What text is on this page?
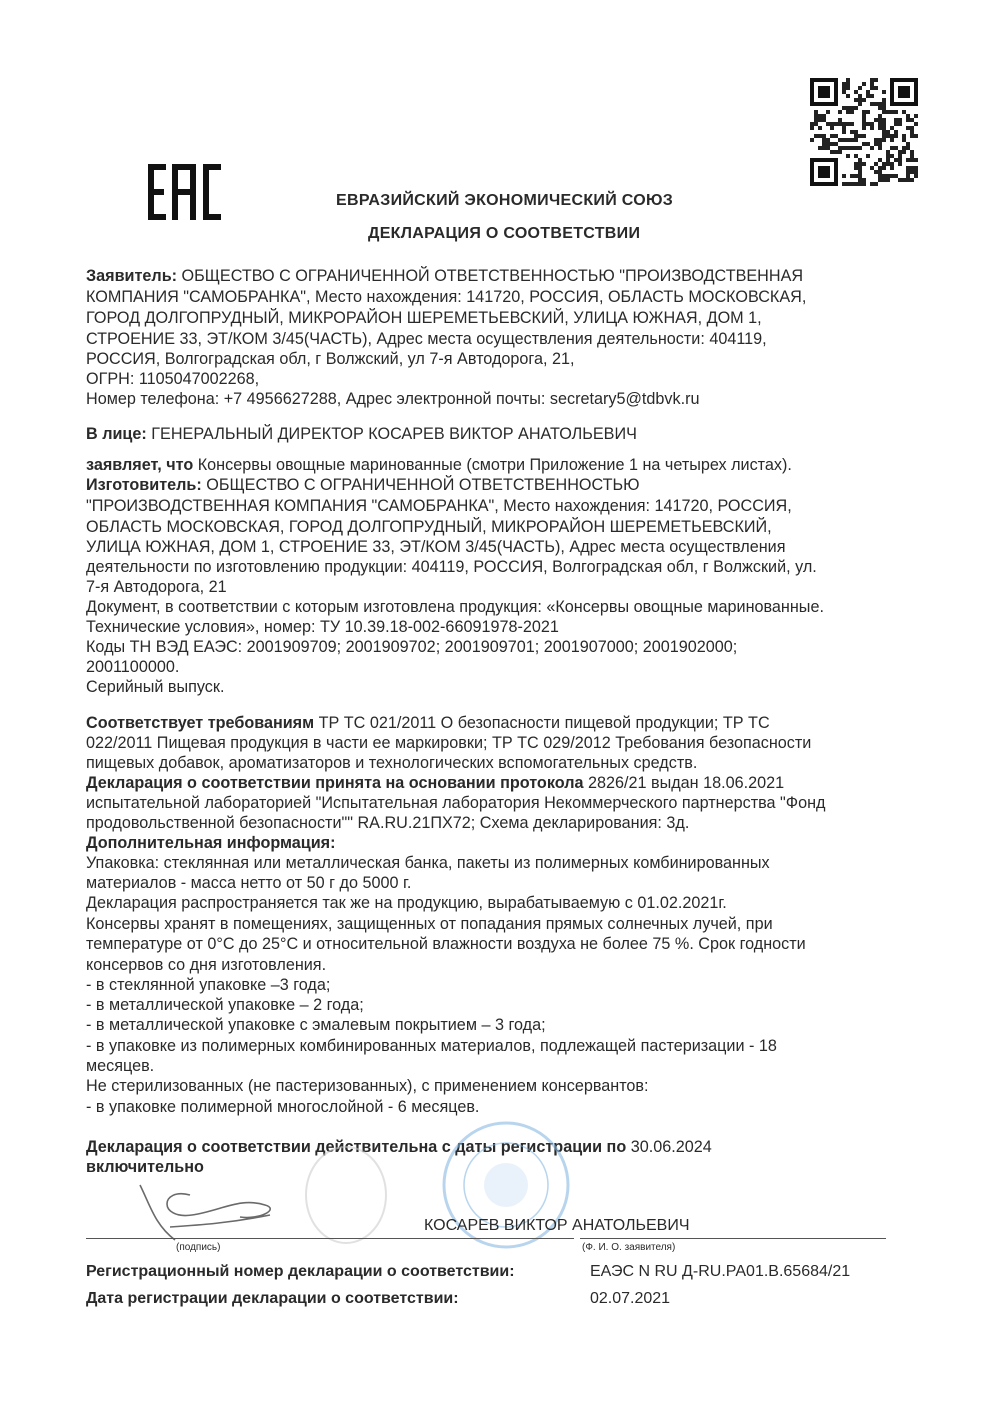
ЕВРАЗИЙСКИЙ ЭКОНОМИЧЕСКИЙ СОЮЗ
ДЕКЛАРАЦИЯ О СООТВЕТСТВИИ
Заявитель: ОБЩЕСТВО С ОГРАНИЧЕННОЙ ОТВЕТСТВЕННОСТЬЮ "ПРОИЗВОДСТВЕННАЯ
КОМПАНИЯ "САМОБРАНКА", Место нахождения: 141720, РОССИЯ, ОБЛАСТЬ МОСКОВСКАЯ,
ГОРОД ДОЛГОПРУДНЫЙ, МИКРОРАЙОН ШЕРЕМЕТЬЕВСКИЙ, УЛИЦА ЮЖНАЯ, ДОМ 1,
СТРОЕНИЕ 33, ЭТ/КОМ 3/45(ЧАСТЬ), Адрес места осуществления деятельности: 404119,
РОССИЯ, Волгоградская обл, г Волжский, ул 7-я Автодорога, 21,
ОГРН: 1105047002268,
Номер телефона: +7 4956627288, Адрес электронной почты: secretary5@tdbvk.ru
В лице: ГЕНЕРАЛЬНЫЙ ДИРЕКТОР КОСАРЕВ ВИКТОР АНАТОЛЬЕВИЧ
заявляет, что Консервы овощные маринованные (смотри Приложение 1 на четырех листах).
Изготовитель: ОБЩЕСТВО С ОГРАНИЧЕННОЙ ОТВЕТСТВЕННОСТЬЮ
"ПРОИЗВОДСТВЕННАЯ КОМПАНИЯ "САМОБРАНКА", Место нахождения: 141720, РОССИЯ,
ОБЛАСТЬ МОСКОВСКАЯ, ГОРОД ДОЛГОПРУДНЫЙ, МИКРОРАЙОН ШЕРЕМЕТЬЕВСКИЙ,
УЛИЦА ЮЖНАЯ, ДОМ 1, СТРОЕНИЕ 33, ЭТ/КОМ 3/45(ЧАСТЬ), Адрес места осуществления
деятельности по изготовлению продукции: 404119, РОССИЯ, Волгоградская обл, г Волжский, ул.
7-я Автодорога, 21
Документ, в соответствии с которым изготовлена продукция: «Консервы овощные маринованные.
Технические условия», номер: ТУ 10.39.18-002-66091978-2021
Коды ТН ВЭД ЕАЭС: 2001909709; 2001909702; 2001909701; 2001907000; 2001902000;
2001100000.
Серийный выпуск.
Соответствует требованиям ТР ТС 021/2011 О безопасности пищевой продукции; ТР ТС
022/2011 Пищевая продукция в части ее маркировки; ТР ТС 029/2012 Требования безопасности
пищевых добавок, ароматизаторов и технологических вспомогательных средств.
Декларация о соответствии принята на основании протокола 2826/21 выдан 18.06.2021
испытательной лабораторией "Испытательная лаборатория Некоммерческого партнерства "Фонд
продовольственной безопасности"" RA.RU.21ПХ72; Схема декларирования: 3д.
Дополнительная информация:
Упаковка: стеклянная или металлическая банка, пакеты из полимерных комбинированных
материалов - масса нетто от 50 г до 5000 г.
Декларация распространяется так же на продукцию, вырабатываемую с 01.02.2021г.
Консервы хранят в помещениях, защищенных от попадания прямых солнечных лучей, при
температуре от 0°С до 25°С и относительной влажности воздуха не более 75 %. Срок годности
консервов со дня изготовления.
- в стеклянной упаковке –3 года;
- в металлической упаковке – 2 года;
- в металлической упаковке с эмалевым покрытием – 3 года;
- в упаковке из полимерных комбинированных материалов, подлежащей пастеризации - 18
месяцев.
Не стерилизованных (не пастеризованных), с применением консервантов:
- в упаковке полимерной многослойной - 6 месяцев.
Декларация о соответствии действительна с даты регистрации по 30.06.2024
включительно
КОСАРЕВ ВИКТОР АНАТОЛЬЕВИЧ
(подпись)	(Ф. И. О. заявителя)
Регистрационный номер декларации о соответствии:	ЕАЭС N RU Д-RU.РА01.В.65684/21
Дата регистрации декларации о соответствии:	02.07.2021
